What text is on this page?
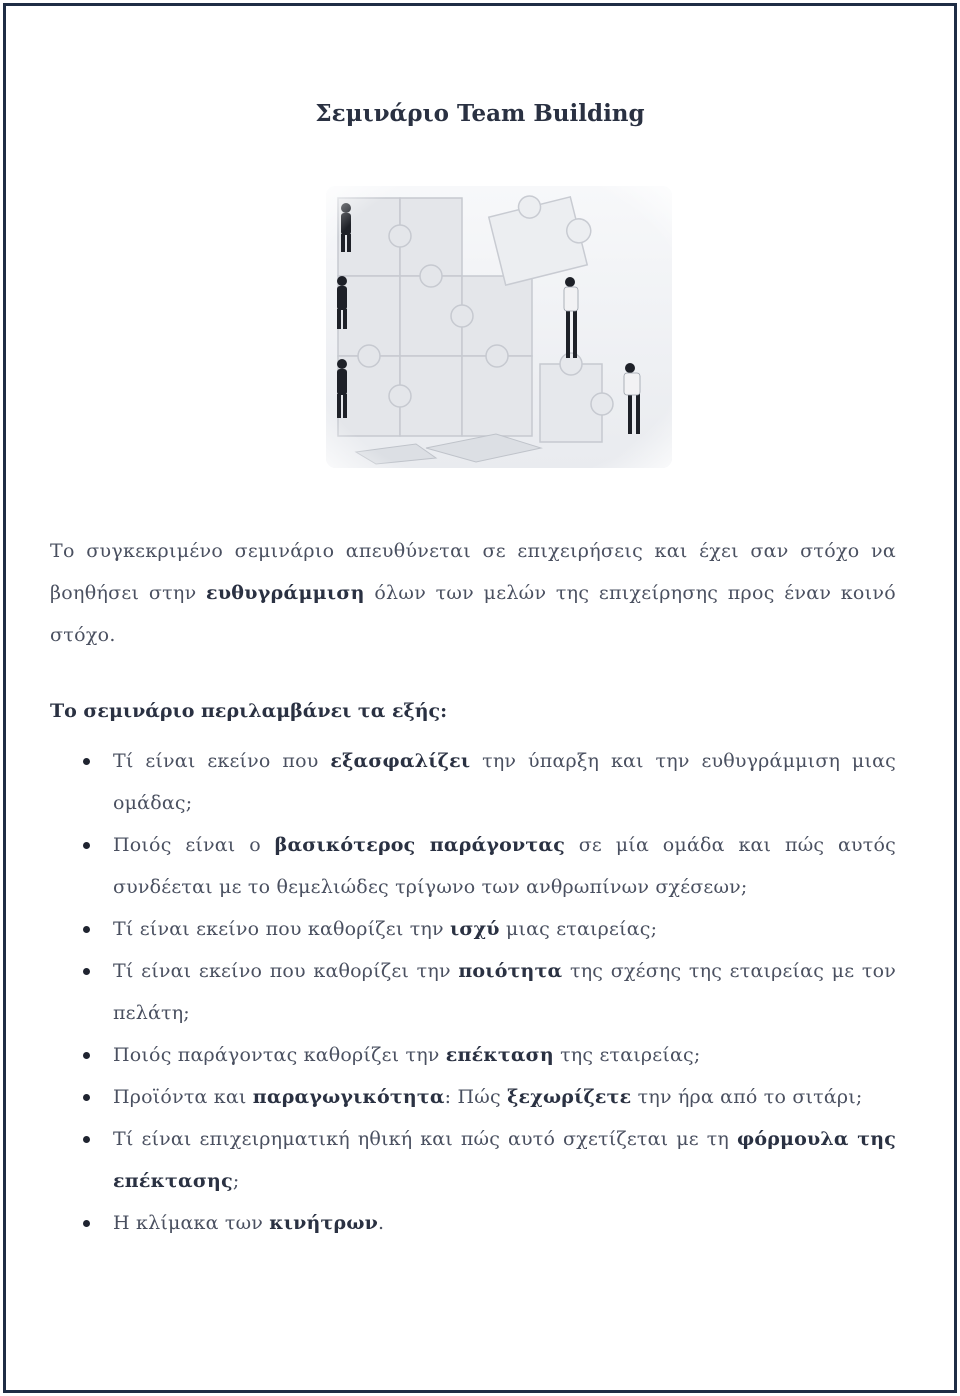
Σεμινάριο Team Building

Το συγκεκριμένο σεμινάριο απευθύνεται σε επιχειρήσεις και έχει σαν στόχο να βοηθήσει στην ευθυγράμμιση όλων των μελών της επιχείρησης προς έναν κοινό στόχο.

Το σεμινάριο περιλαμβάνει τα εξής:
Τί είναι εκείνο που εξασφαλίζει την ύπαρξη και την ευθυγράμμιση μιας ομάδας;
Ποιός είναι ο βασικότερος παράγοντας σε μία ομάδα και πώς αυτός συνδέεται με το θεμελιώδες τρίγωνο των ανθρωπίνων σχέσεων;
Τί είναι εκείνο που καθορίζει την ισχύ μιας εταιρείας;
Τί είναι εκείνο που καθορίζει την ποιότητα της σχέσης της εταιρείας με τον πελάτη;
Ποιός παράγοντας καθορίζει την επέκταση της εταιρείας;
Προϊόντα και παραγωγικότητα: Πώς ξεχωρίζετε την ήρα από το σιτάρι;
Τί είναι επιχειρηματική ηθική και πώς αυτό σχετίζεται με τη φόρμουλα της επέκτασης;
Η κλίμακα των κινήτρων.
